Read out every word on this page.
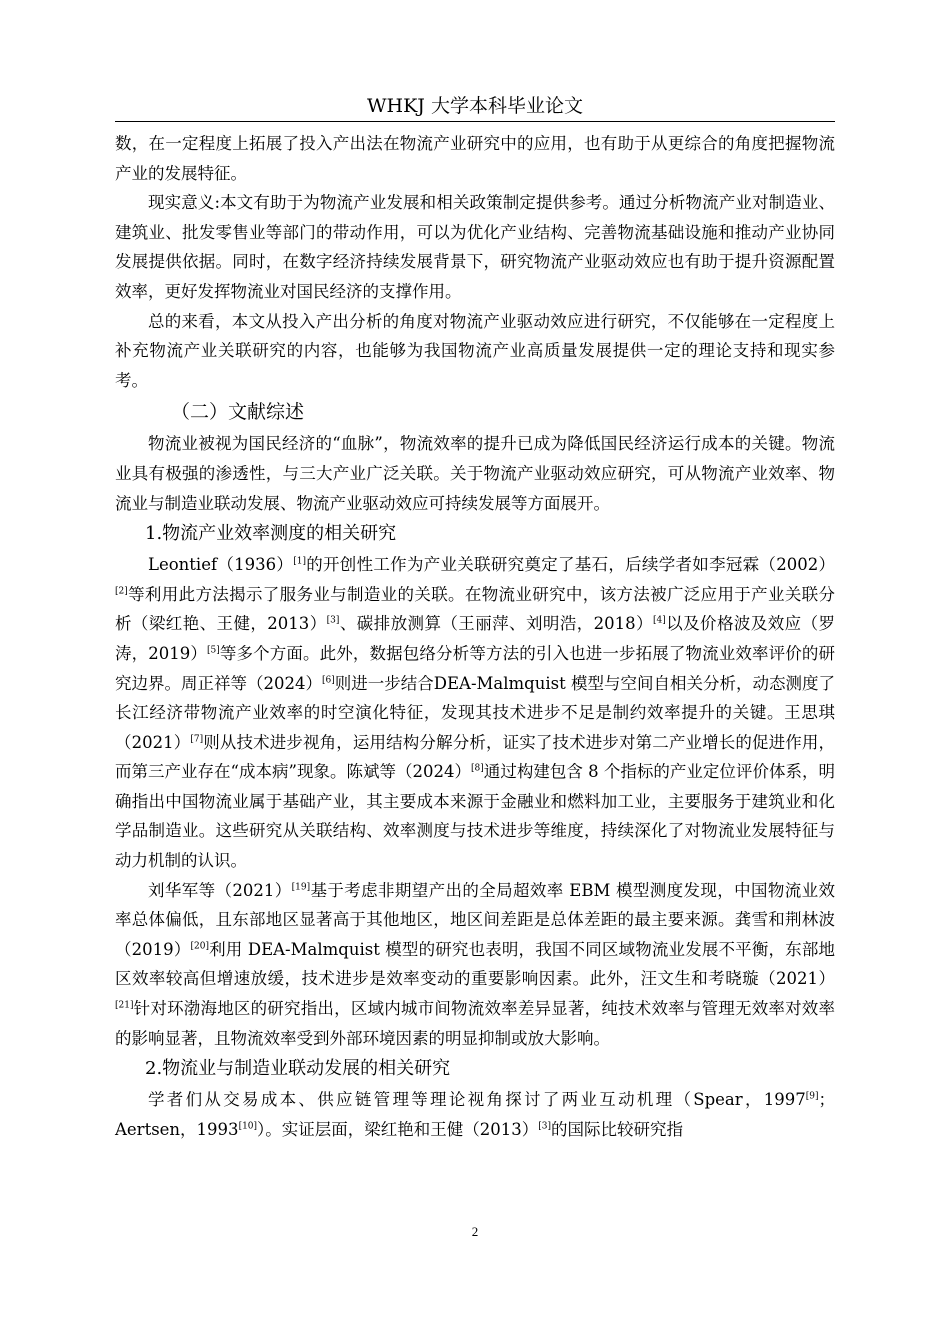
WHKJ 大学本科毕业论文

数，在一定程度上拓展了投入产出法在物流产业研究中的应用，也有助于从更综合的角度把握物流产业的发展特征。

现实意义:本文有助于为物流产业发展和相关政策制定提供参考。通过分析物流产业对制造业、建筑业、批发零售业等部门的带动作用，可以为优化产业结构、完善物流基础设施和推动产业协同发展提供依据。同时，在数字经济持续发展背景下，研究物流产业驱动效应也有助于提升资源配置效率，更好发挥物流业对国民经济的支撑作用。

总的来看，本文从投入产出分析的角度对物流产业驱动效应进行研究，不仅能够在一定程度上补充物流产业关联研究的内容，也能够为我国物流产业高质量发展提供一定的理论支持和现实参考。

（二）文献综述

物流业被视为国民经济的“血脉”，物流效率的提升已成为降低国民经济运行成本的关键。物流业具有极强的渗透性，与三大产业广泛关联。关于物流产业驱动效应研究，可从物流产业效率、物流业与制造业联动发展、物流产业驱动效应可持续发展等方面展开。

1.物流产业效率测度的相关研究

Leontief（1936）[1]的开创性工作为产业关联研究奠定了基石，后续学者如李冠霖（2002）[2]等利用此方法揭示了服务业与制造业的关联。在物流业研究中，该方法被广泛应用于产业关联分析（梁红艳、王健，2013）[3]、碳排放测算（王丽萍、刘明浩，2018）[4]以及价格波及效应（罗涛，2019）[5]等多个方面。此外，数据包络分析等方法的引入也进一步拓展了物流业效率评价的研究边界。周正祥等（2024）[6]则进一步结合DEA-Malmquist 模型与空间自相关分析，动态测度了长江经济带物流产业效率的时空演化特征，发现其技术进步不足是制约效率提升的关键。王思琪（2021）[7]则从技术进步视角，运用结构分解分析，证实了技术进步对第二产业增长的促进作用，而第三产业存在“成本病”现象。陈斌等（2024）[8]通过构建包含 8 个指标的产业定位评价体系，明确指出中国物流业属于基础产业，其主要成本来源于金融业和燃料加工业，主要服务于建筑业和化学品制造业。这些研究从关联结构、效率测度与技术进步等维度，持续深化了对物流业发展特征与动力机制的认识。

刘华军等（2021）[19]基于考虑非期望产出的全局超效率 EBM 模型测度发现，中国物流业效率总体偏低，且东部地区显著高于其他地区，地区间差距是总体差距的最主要来源。龚雪和荆林波（2019）[20]利用 DEA-Malmquist 模型的研究也表明，我国不同区域物流业发展不平衡，东部地区效率较高但增速放缓，技术进步是效率变动的重要影响因素。此外，汪文生和考晓璇（2021）[21]针对环渤海地区的研究指出，区域内城市间物流效率差异显著，纯技术效率与管理无效率对效率的影响显著，且物流效率受到外部环境因素的明显抑制或放大影响。

2.物流业与制造业联动发展的相关研究

学者们从交易成本、供应链管理等理论视角探讨了两业互动机理（Spear，1997[9]；Aertsen，1993[10]）。实证层面，梁红艳和王健（2013）[3]的国际比较研究指

2
